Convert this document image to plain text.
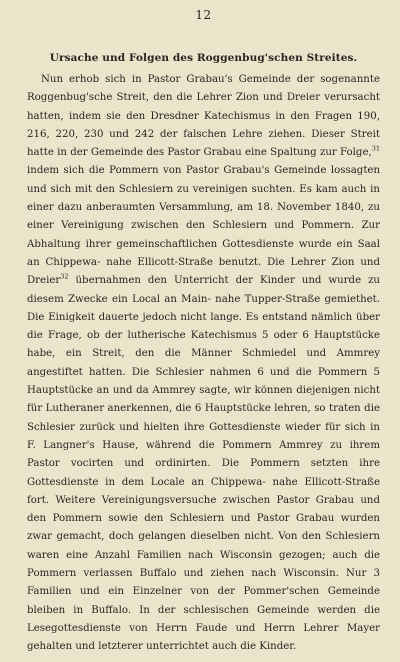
12
Ursache und Folgen des Roggenbug'schen Streites.

Nun erhob sich in Pastor Grabau's Gemeinde der sogenannte Roggenbug'sche Streit, den die Lehrer Zion und Dreier verursacht hatten, indem sie den Dresdner Katechismus in den Fragen 190, 216, 220, 230 und 242 der falschen Lehre ziehen. Dieser Streit hatte in der Gemeinde des Pastor Grabau eine Spaltung zur Folge,$^{31}$ indem sich die Pommern von Pastor Grabau's Gemeinde lossagten und sich mit den Schlesiern zu vereinigen suchten. Es kam auch in einer dazu anberaumten Versammlung, am 18. November 1840, zu einer Vereinigung zwischen den Schlesiern und Pommern. Zur Abhaltung ihrer gemeinschaftlichen Gottesdienste wurde ein Saal an Chippewa- nahe Ellicott-Straße benutzt. Die Lehrer Zion und Dreier$^{32}$ übernahmen den Unterricht der Kinder und wurde zu diesem Zwecke ein Local an Main- nahe Tupper-Straße gemiethet. Die Einigkeit dauerte jedoch nicht lange. Es entstand nämlich über die Frage, ob der lutherische Katechismus 5 oder 6 Hauptstücke habe, ein Streit, den die Männer Schmiedel und Ammrey angestiftet hatten. Die Schlesier nahmen 6 und die Pommern 5 Hauptstücke an und da Ammrey sagte, wir können diejenigen nicht für Lutheraner anerkennen, die 6 Hauptstücke lehren, so traten die Schlesier zurück und hielten ihre Gottesdienste wieder für sich in F. Langner's Hause, während die Pommern Ammrey zu ihrem Pastor vocirten und ordinirten. Die Pommern setzten ihre Gottesdienste in dem Locale an Chippewa- nahe Ellicott-Straße fort. Weitere Vereinigungsversuche zwischen Pastor Grabau und den Pommern sowie den Schlesiern und Pastor Grabau wurden zwar gemacht, doch gelangen dieselben nicht. Von den Schlesiern waren eine Anzahl Familien nach Wisconsin gezogen; auch die Pommern verlassen Buffalo und ziehen nach Wisconsin. Nur 3 Familien und ein Einzelner von der Pommer'schen Gemeinde bleiben in Buffalo. In der schlesischen Gemeinde werden die Lesegottesdienste von Herrn Faude und Herrn Lehrer Mayer gehalten und letzterer unterrichtet auch die Kinder.
